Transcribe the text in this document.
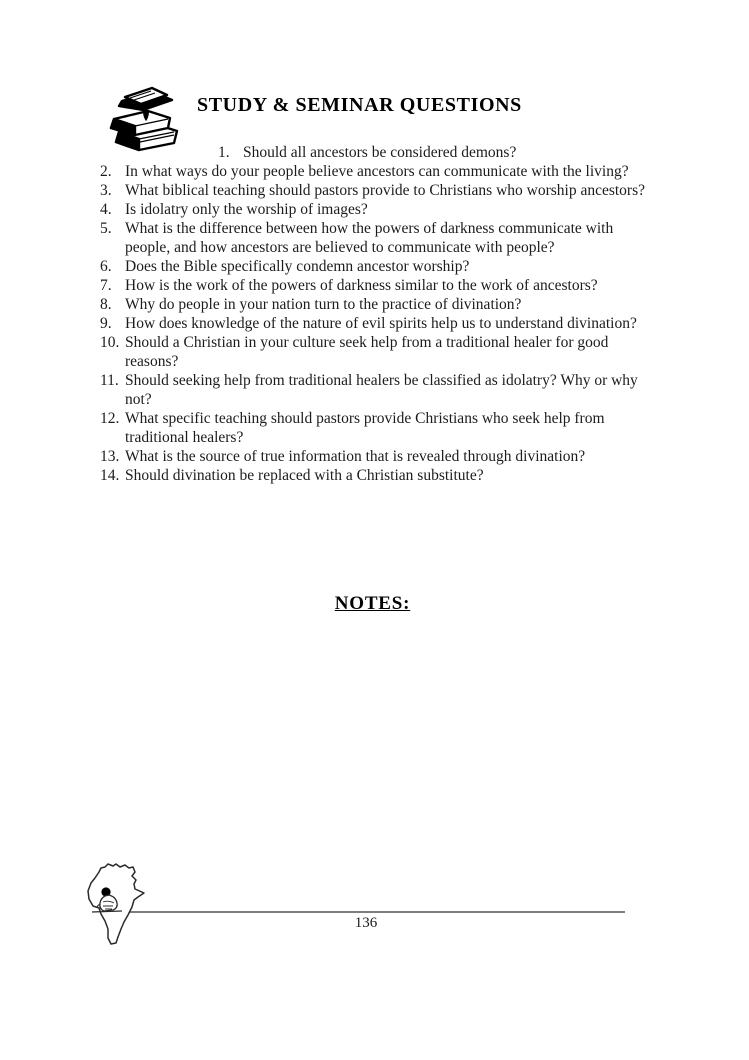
STUDY & SEMINAR QUESTIONS
1. Should all ancestors be considered demons?
2. In what ways do your people believe ancestors can communicate with the living?
3. What biblical teaching should pastors provide to Christians who worship ancestors?
4. Is idolatry only the worship of images?
5. What is the difference between how the powers of darkness communicate with people, and how ancestors are believed to communicate with people?
6. Does the Bible specifically condemn ancestor worship?
7. How is the work of the powers of darkness similar to the work of ancestors?
8. Why do people in your nation turn to the practice of divination?
9. How does knowledge of the nature of evil spirits help us to understand divination?
10. Should a Christian in your culture seek help from a traditional healer for good reasons?
11. Should seeking help from traditional healers be classified as idolatry? Why or why not?
12. What specific teaching should pastors provide Christians who seek help from traditional healers?
13. What is the source of true information that is revealed through divination?
14. Should divination be replaced with a Christian substitute?
NOTES:
136
